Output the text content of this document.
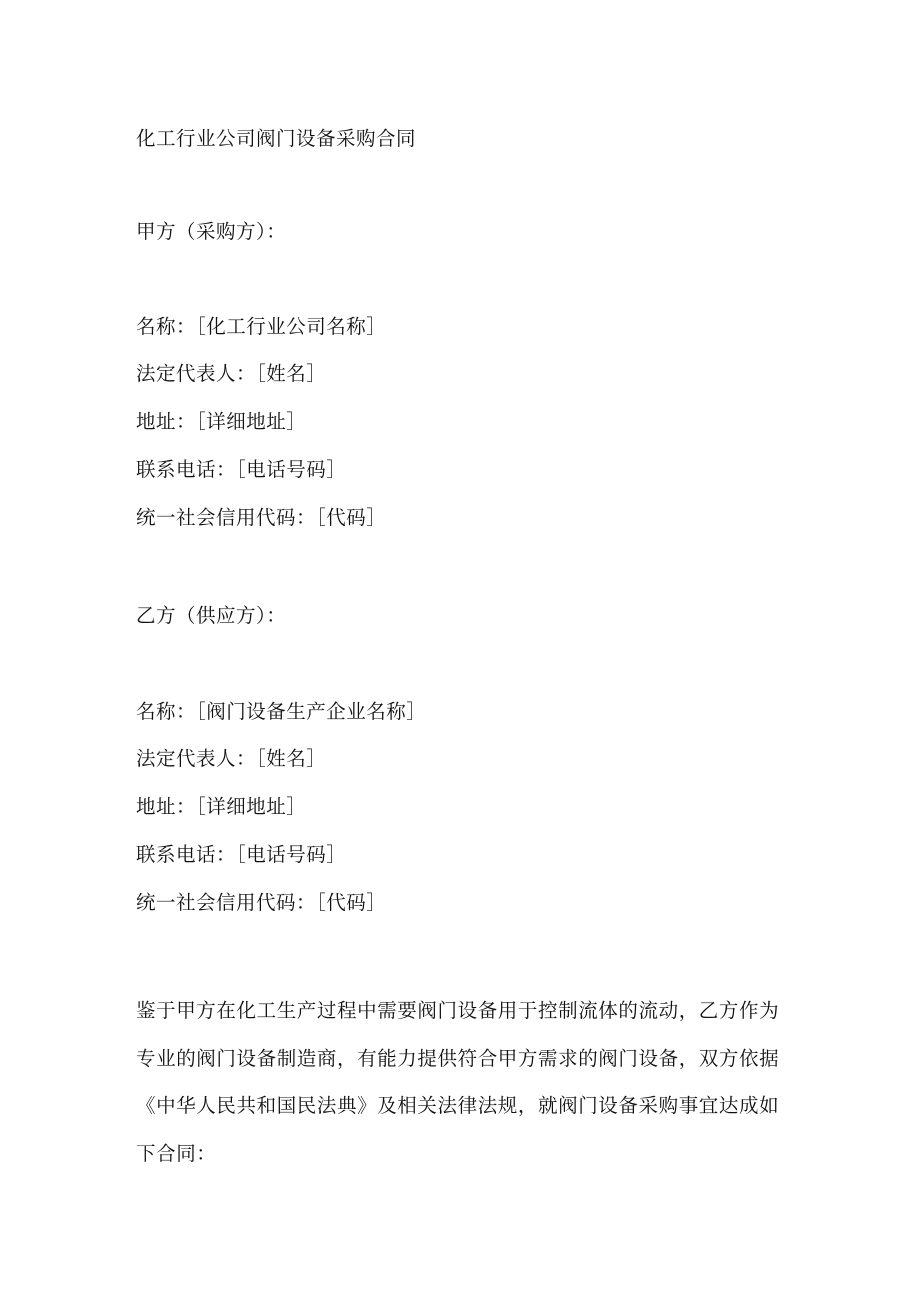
化工行业公司阀门设备采购合同
甲方（采购方）：
名称：［化工行业公司名称］
法定代表人：［姓名］
地址：［详细地址］
联系电话：［电话号码］
统一社会信用代码：［代码］
乙方（供应方）：
名称：［阀门设备生产企业名称］
法定代表人：［姓名］
地址：［详细地址］
联系电话：［电话号码］
统一社会信用代码：［代码］
鉴于甲方在化工生产过程中需要阀门设备用于控制流体的流动，乙方作为
专业的阀门设备制造商，有能力提供符合甲方需求的阀门设备，双方依据
《中华人民共和国民法典》及相关法律法规，就阀门设备采购事宜达成如
下合同：
